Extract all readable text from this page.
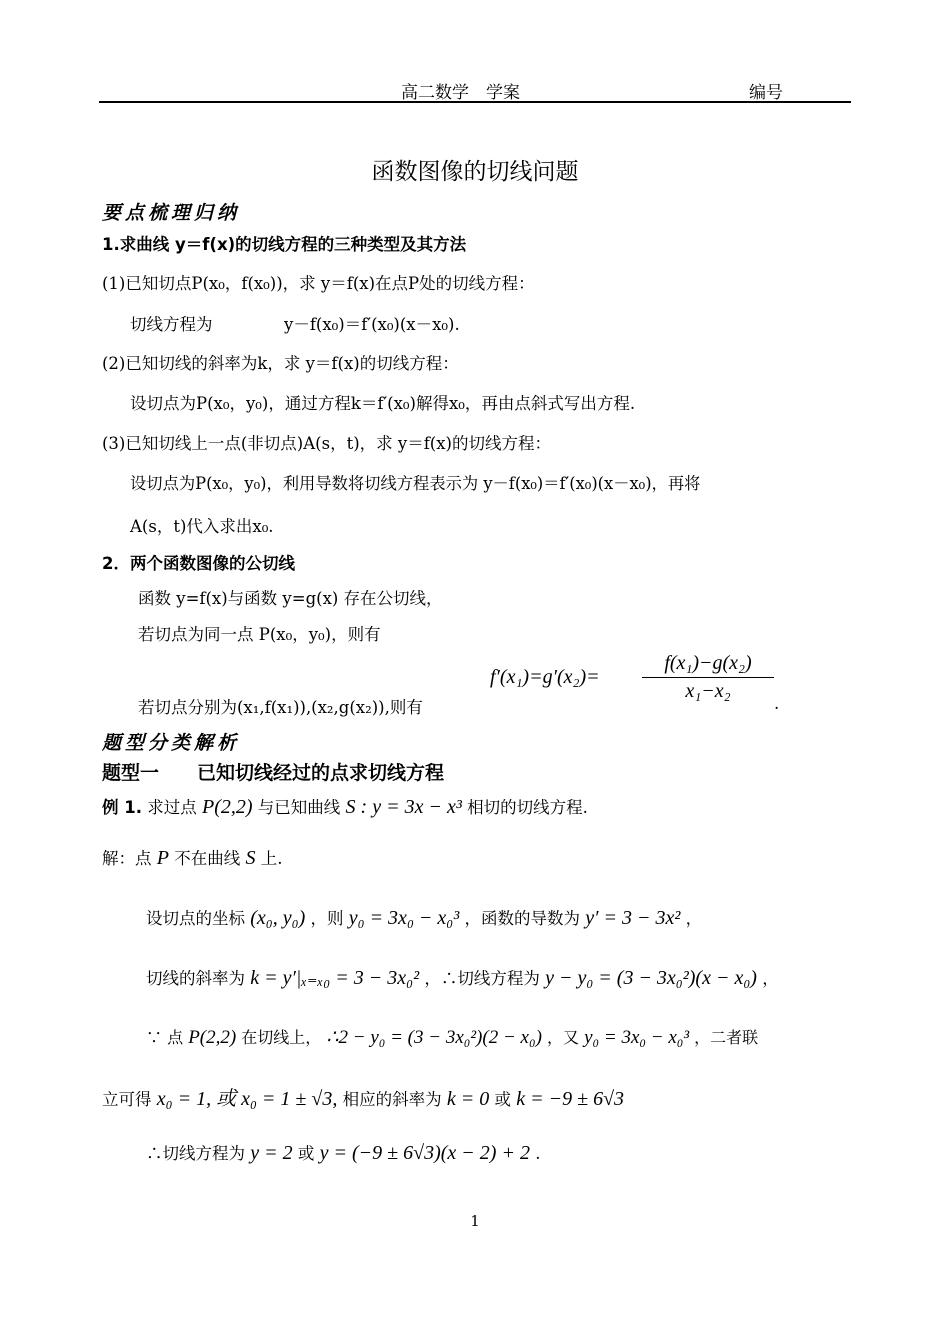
高二数学　学案	编号
函数图像的切线问题
要点梳理归纳
1.求曲线 y＝f(x)的切线方程的三种类型及其方法
(1)已知切点P(x₀，f(x₀))，求 y＝f(x)在点P处的切线方程：
切线方程为	y－f(x₀)＝f′(x₀)(x－x₀).
(2)已知切线的斜率为k，求 y＝f(x)的切线方程：
设切点为P(x₀，y₀)，通过方程k＝f′(x₀)解得x₀，再由点斜式写出方程.
(3)已知切线上一点(非切点)A(s，t)，求 y＝f(x)的切线方程：
设切点为P(x₀，y₀)，利用导数将切线方程表示为 y－f(x₀)＝f′(x₀)(x－x₀)，再将
A(s，t)代入求出x₀.
2．两个函数图像的公切线
函数 y=f(x)与函数 y=g(x) 存在公切线，
若切点为同一点 P(x₀，y₀)，则有
若切点分别为(x₁,f(x₁)),(x₂,g(x₂)),则有
f′(x₁)=g′(x₂)=
f(x₁)−g(x₂)
x₁−x₂
.
题型分类解析
题型一　　已知切线经过的点求切线方程
例 1. 求过点 P(2,2) 与已知曲线 S : y = 3x − x³ 相切的切线方程.
解：点 P 不在曲线 S 上.
设切点的坐标 (x₀, y₀) ，则 y₀ = 3x₀ − x₀³ ，函数的导数为 y′ = 3 − 3x² ，
切线的斜率为 k = y′|ₓ₌ₓ₀ = 3 − 3x₀² ，∴切线方程为 y − y₀ = (3 − 3x₀²)(x − x₀) ，
∵ 点 P(2,2) 在切线上， ∴2 − y₀ = (3 − 3x₀²)(2 − x₀) ，又 y₀ = 3x₀ − x₀³ ，二者联
立可得 x₀ = 1, 或 x₀ = 1 ± √3, 相应的斜率为 k = 0 或 k = −9 ± 6√3
∴切线方程为 y = 2 或 y = (−9 ± 6√3)(x − 2) + 2 .
1
